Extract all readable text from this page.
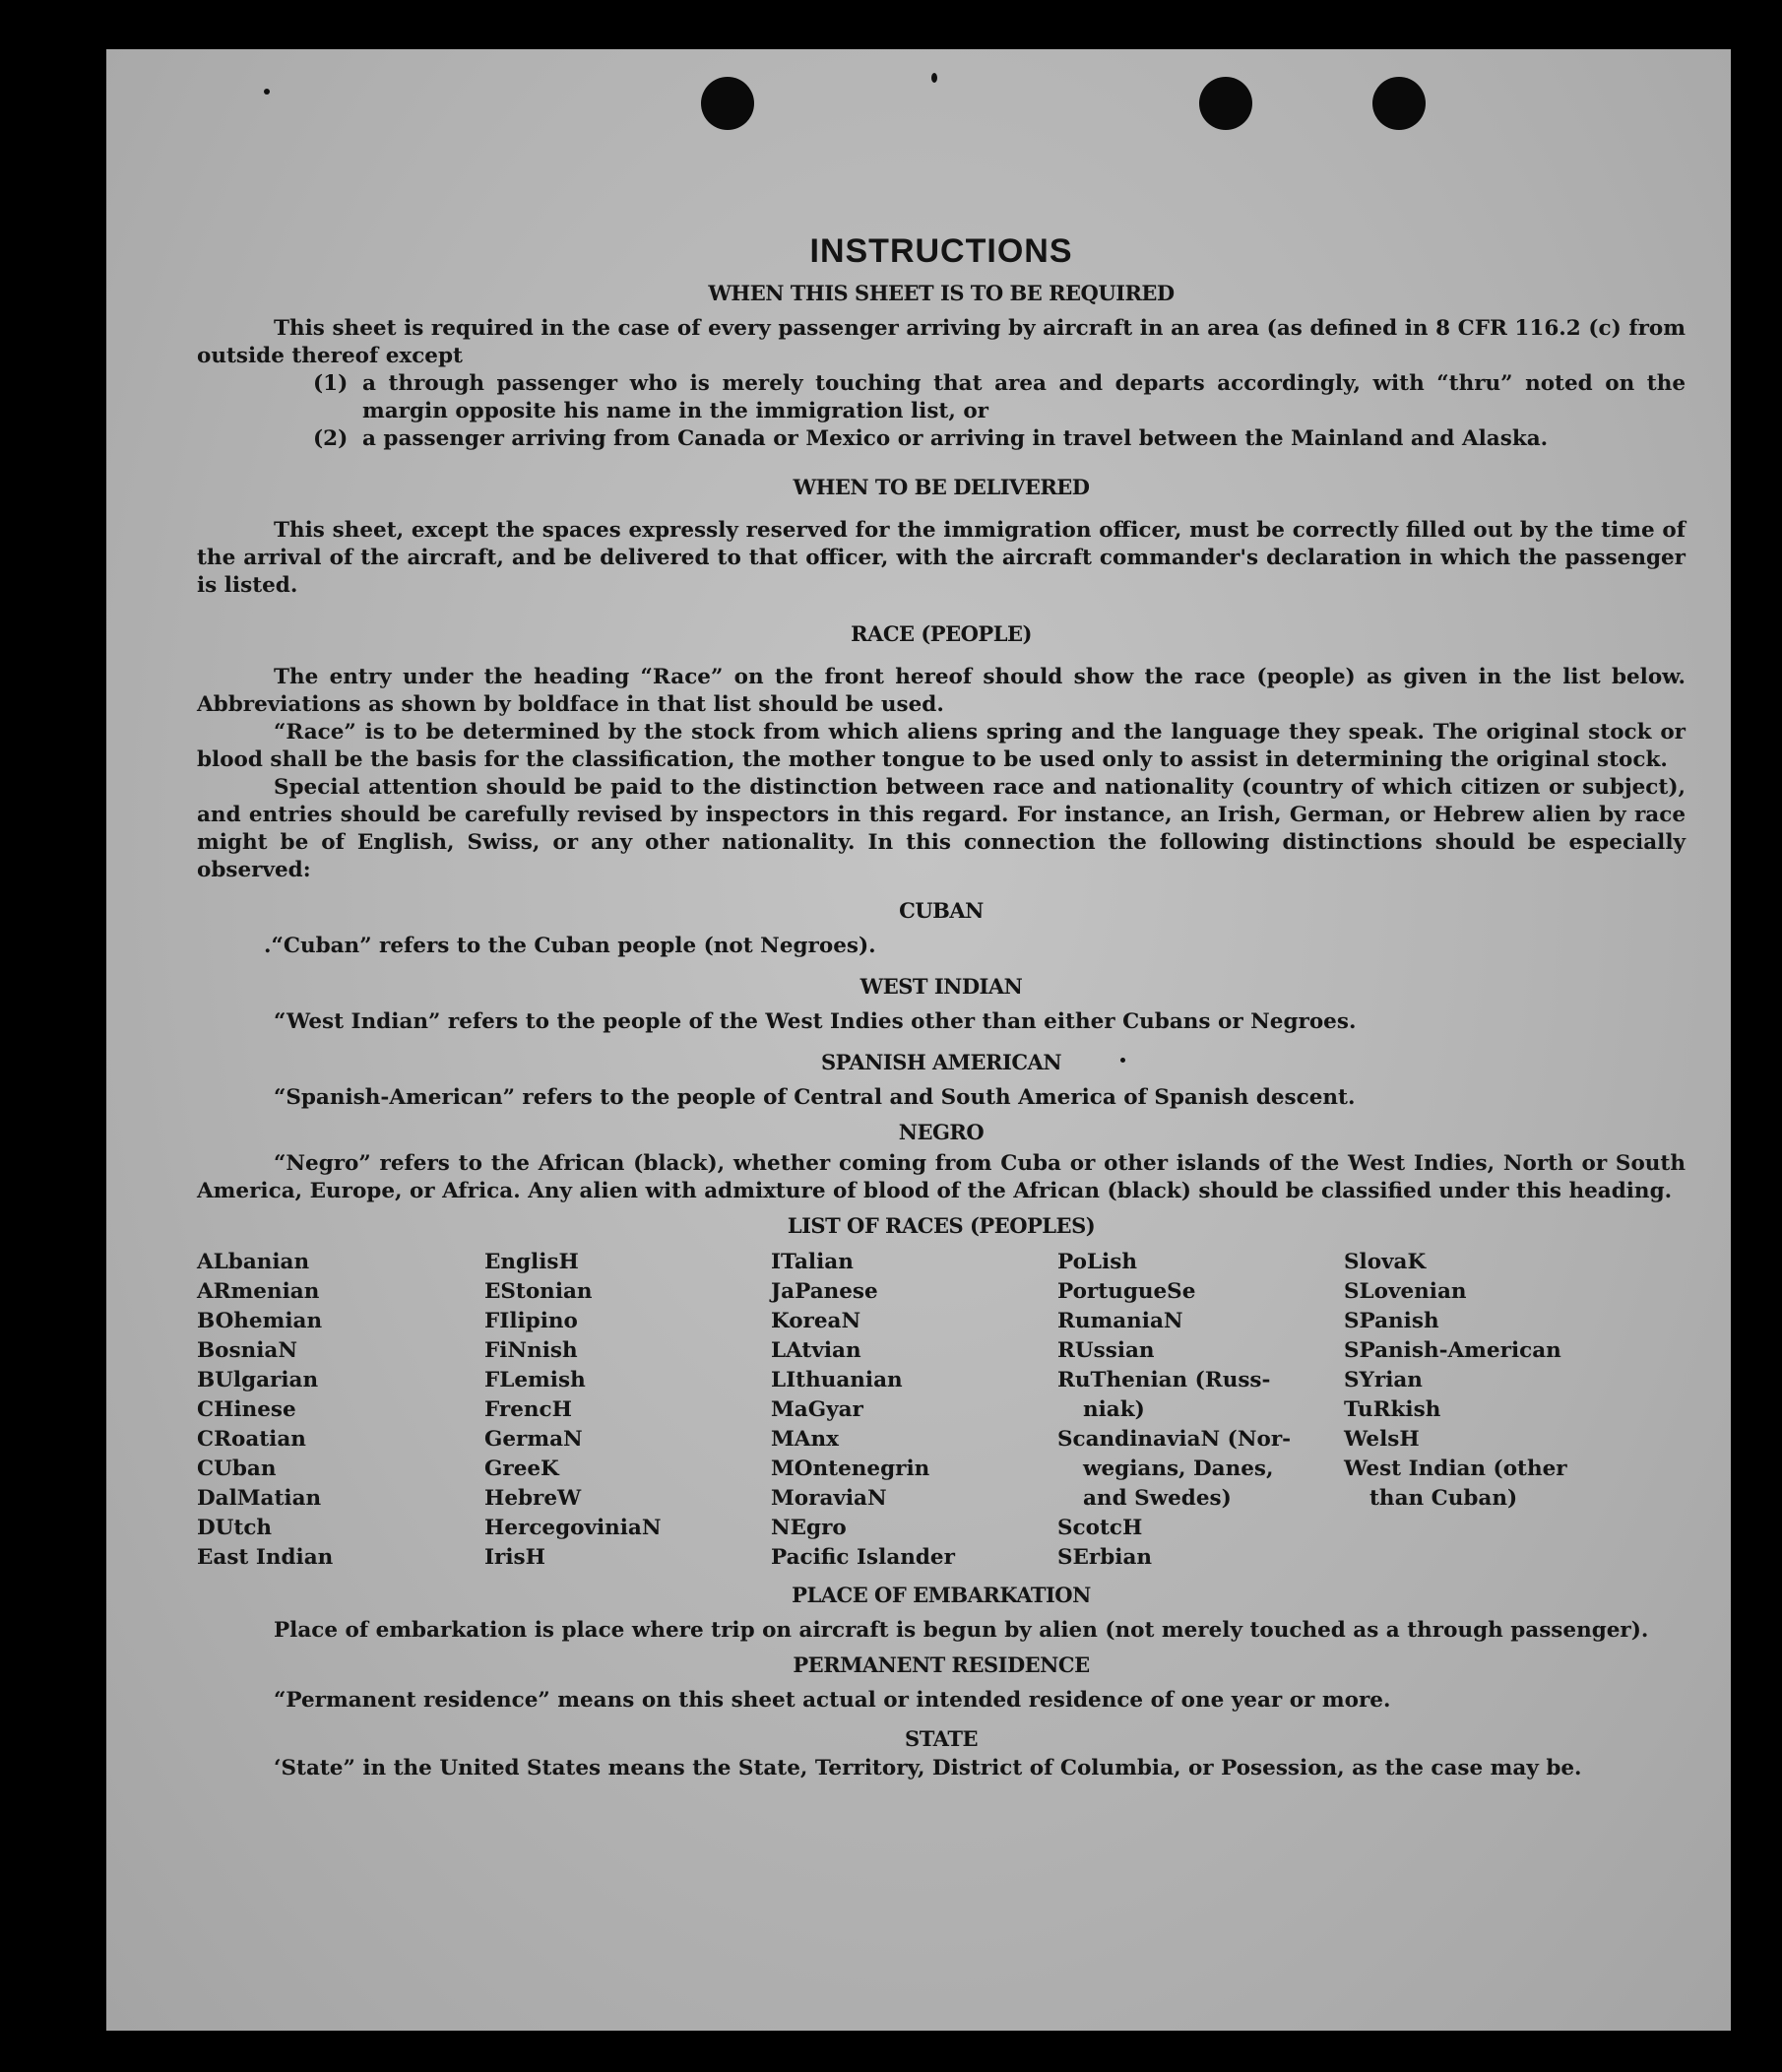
INSTRUCTIONS
WHEN THIS SHEET IS TO BE REQUIRED

This sheet is required in the case of every passenger arriving by aircraft in an area (as defined in 8 CFR 116.2 (c) from outside thereof except

(1) a through passenger who is merely touching that area and departs accordingly, with “thru” noted on the margin opposite his name in the immigration list, or
(2) a passenger arriving from Canada or Mexico or arriving in travel between the Mainland and Alaska.
WHEN TO BE DELIVERED

This sheet, except the spaces expressly reserved for the immigration officer, must be correctly filled out by the time of the arrival of the aircraft, and be delivered to that officer, with the aircraft commander's declaration in which the passenger is listed.

RACE (PEOPLE)

The entry under the heading “Race” on the front hereof should show the race (people) as given in the list below. Abbreviations as shown by boldface in that list should be used.

“Race” is to be determined by the stock from which aliens spring and the language they speak. The original stock or blood shall be the basis for the classification, the mother tongue to be used only to assist in determining the original stock.

Special attention should be paid to the distinction between race and nationality (country of which citizen or subject), and entries should be carefully revised by inspectors in this regard. For instance, an Irish, German, or Hebrew alien by race might be of English, Swiss, or any other nationality. In this connection the following distinctions should be especially observed:

CUBAN

.“Cuban” refers to the Cuban people (not Negroes).

WEST INDIAN

“West Indian” refers to the people of the West Indies other than either Cubans or Negroes.

SPANISH AMERICAN

“Spanish-American” refers to the people of Central and South America of Spanish descent.

NEGRO

“Negro” refers to the African (black), whether coming from Cuba or other islands of the West Indies, North or South America, Europe, or Africa. Any alien with admixture of blood of the African (black) should be classified under this heading.

LIST OF RACES (PEOPLES)
ALbanian
ARmenian
BOhemian
BosniaN
BUlgarian
CHinese
CRoatian
CUban
DalMatian
DUtch
East Indian
EnglisH
EStonian
FIlipino
FiNnish
FLemish
FrencH
GermaN
GreeK
HebreW
HercegoviniaN
IrisH
ITalian
JaPanese
KoreaN
LAtvian
LIthuanian
MaGyar
MAnx
MOntenegrin
MoraviaN
NEgro
Pacific Islander
PoLish
PortugueSe
RumaniaN
RUssian
RuThenian (Russ-
niak)
ScandinaviaN (Nor-
wegians, Danes,
and Swedes)
ScotcH
SErbian
SlovaK
SLovenian
SPanish
SPanish-American
SYrian
TuRkish
WelsH
West Indian (other
than Cuban)
PLACE OF EMBARKATION

Place of embarkation is place where trip on aircraft is begun by alien (not merely touched as a through passenger).

PERMANENT RESIDENCE

“Permanent residence” means on this sheet actual or intended residence of one year or more.

STATE

‘State” in the United States means the State, Territory, District of Columbia, or Posession, as the case may be.
